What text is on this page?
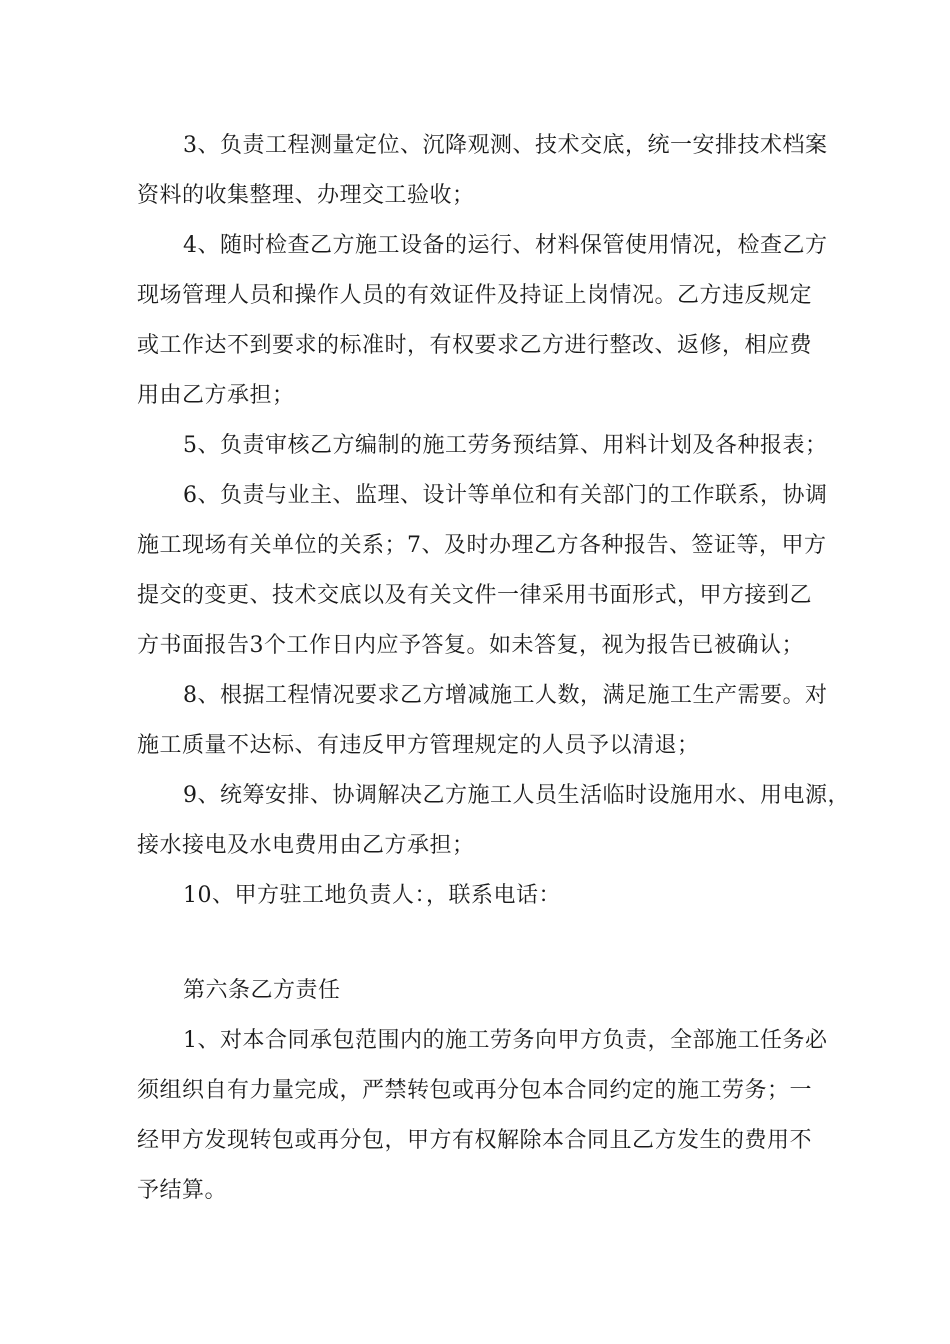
3、负责工程测量定位、沉降观测、技术交底，统一安排技术档案
资料的收集整理、办理交工验收；
4、随时检查乙方施工设备的运行、材料保管使用情况，检查乙方
现场管理人员和操作人员的有效证件及持证上岗情况。乙方违反规定
或工作达不到要求的标准时，有权要求乙方进行整改、返修，相应费
用由乙方承担；
5、负责审核乙方编制的施工劳务预结算、用料计划及各种报表；
6、负责与业主、监理、设计等单位和有关部门的工作联系，协调
施工现场有关单位的关系；7、及时办理乙方各种报告、签证等，甲方
提交的变更、技术交底以及有关文件一律采用书面形式，甲方接到乙
方书面报告3个工作日内应予答复。如未答复，视为报告已被确认；
8、根据工程情况要求乙方增减施工人数，满足施工生产需要。对
施工质量不达标、有违反甲方管理规定的人员予以清退；
9、统筹安排、协调解决乙方施工人员生活临时设施用水、用电源，
接水接电及水电费用由乙方承担；
10、甲方驻工地负责人：，联系电话：
第六条乙方责任
1、对本合同承包范围内的施工劳务向甲方负责，全部施工任务必
须组织自有力量完成，严禁转包或再分包本合同约定的施工劳务；一
经甲方发现转包或再分包，甲方有权解除本合同且乙方发生的费用不
予结算。
